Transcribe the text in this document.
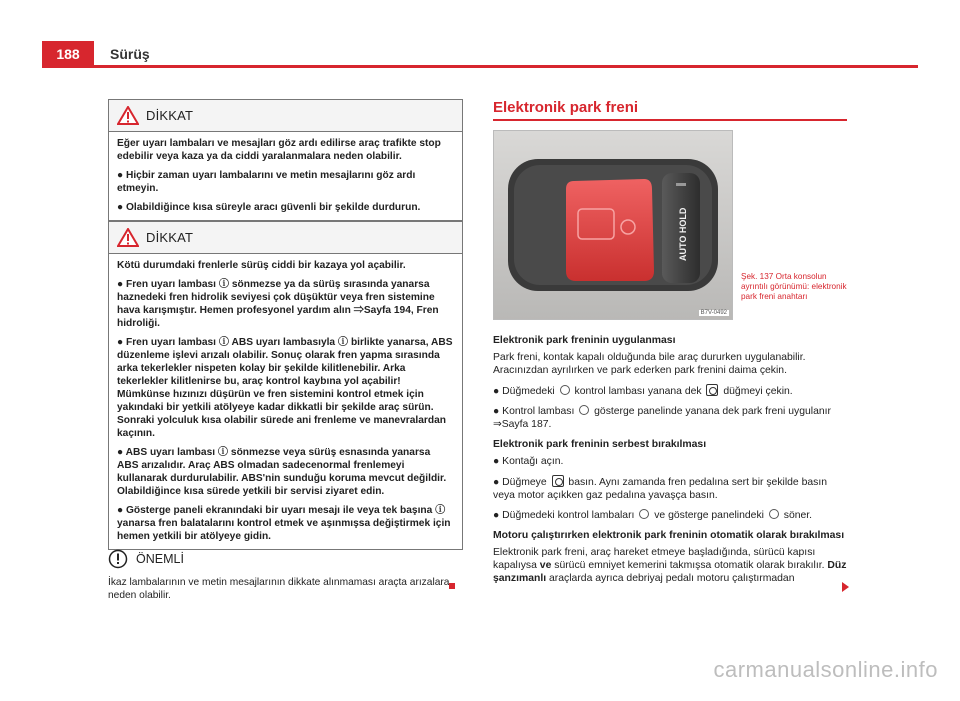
188	Sürüş
DİKKAT

Eğer uyarı lambaları ve mesajları göz ardı edilirse araç trafikte stop edebilir veya kaza ya da ciddi yaralanmalara neden olabilir.

● Hiçbir zaman uyarı lambalarını ve metin mesajlarını göz ardı etmeyin.

● Olabildiğince kısa süreyle aracı güvenli bir şekilde durdurun.

DİKKAT

Kötü durumdaki frenlerle sürüş ciddi bir kazaya yol açabilir.

● Fren uyarı lambası ⓘ sönmezse ya da sürüş sırasında yanarsa haznedeki fren hidrolik seviyesi çok düşüktür veya fren sistemine hava karışmıştır. Hemen profesyonel yardım alın ⇒Sayfa 194, Fren hidroliği.

● Fren uyarı lambası ⓘ ABS uyarı lambasıyla ⓘ birlikte yanarsa, ABS düzenleme işlevi arızalı olabilir. Sonuç olarak fren yapma sırasında arka tekerlekler nispeten kolay bir şekilde kilitlenebilir. Arka tekerlekler kilitlenirse bu, araç kontrol kaybına yol açabilir! Mümkünse hızınızı düşürün ve fren sistemini kontrol etmek için yakındaki bir yetkili atölyeye kadar dikkatli bir şekilde araç sürün. Sonraki yolculuk kısa olabilir sürede ani frenleme ve manevralardan kaçının.

● ABS uyarı lambası ⓘ sönmezse veya sürüş esnasında yanarsa ABS arızalıdır. Araç ABS olmadan sadecenormal frenlemeyi kullanarak durdurulabilir. ABS'nin sunduğu koruma mevcut değildir. Olabildiğince kısa sürede yetkili bir servisi ziyaret edin.

● Gösterge paneli ekranındaki bir uyarı mesajı ile veya tek başına ⓘ yanarsa fren balatalarını kontrol etmek ve aşınmışsa değiştirmek için hemen yetkili bir atölyeye gidin.

ÖNEMLİ

İkaz lambalarının ve metin mesajlarının dikkate alınmaması araçta arızalara neden olabilir.

Elektronik park freni
AUTO HOLD
B7V-0492
Şek. 137 Orta konsolun ayrıntılı görünümü: elektronik park freni anahtarı
Elektronik park freninin uygulanması

Park freni, kontak kapalı olduğunda bile araç dururken uygulanabilir. Aracınızdan ayrılırken ve park ederken park frenini daima çekin.

● Düğmedeki kontrol lambası yanana dek düğmeyi çekin.

● Kontrol lambası gösterge panelinde yanana dek park freni uygulanır ⇒Sayfa 187.

Elektronik park freninin serbest bırakılması

● Kontağı açın.

● Düğmeye basın. Aynı zamanda fren pedalına sert bir şekilde basın veya motor açıkken gaz pedalına yavaşça basın.

● Düğmedeki kontrol lambaları ve gösterge panelindeki söner.

Motoru çalıştırırken elektronik park freninin otomatik olarak bırakılması

Elektronik park freni, araç hareket etmeye başladığında, sürücü kapısı kapalıysa ve sürücü emniyet kemerini takmışsa otomatik olarak bırakılır. Düz şanzımanlı araçlarda ayrıca debriyaj pedalı motoru çalıştırmadan

carmanualsonline.info
